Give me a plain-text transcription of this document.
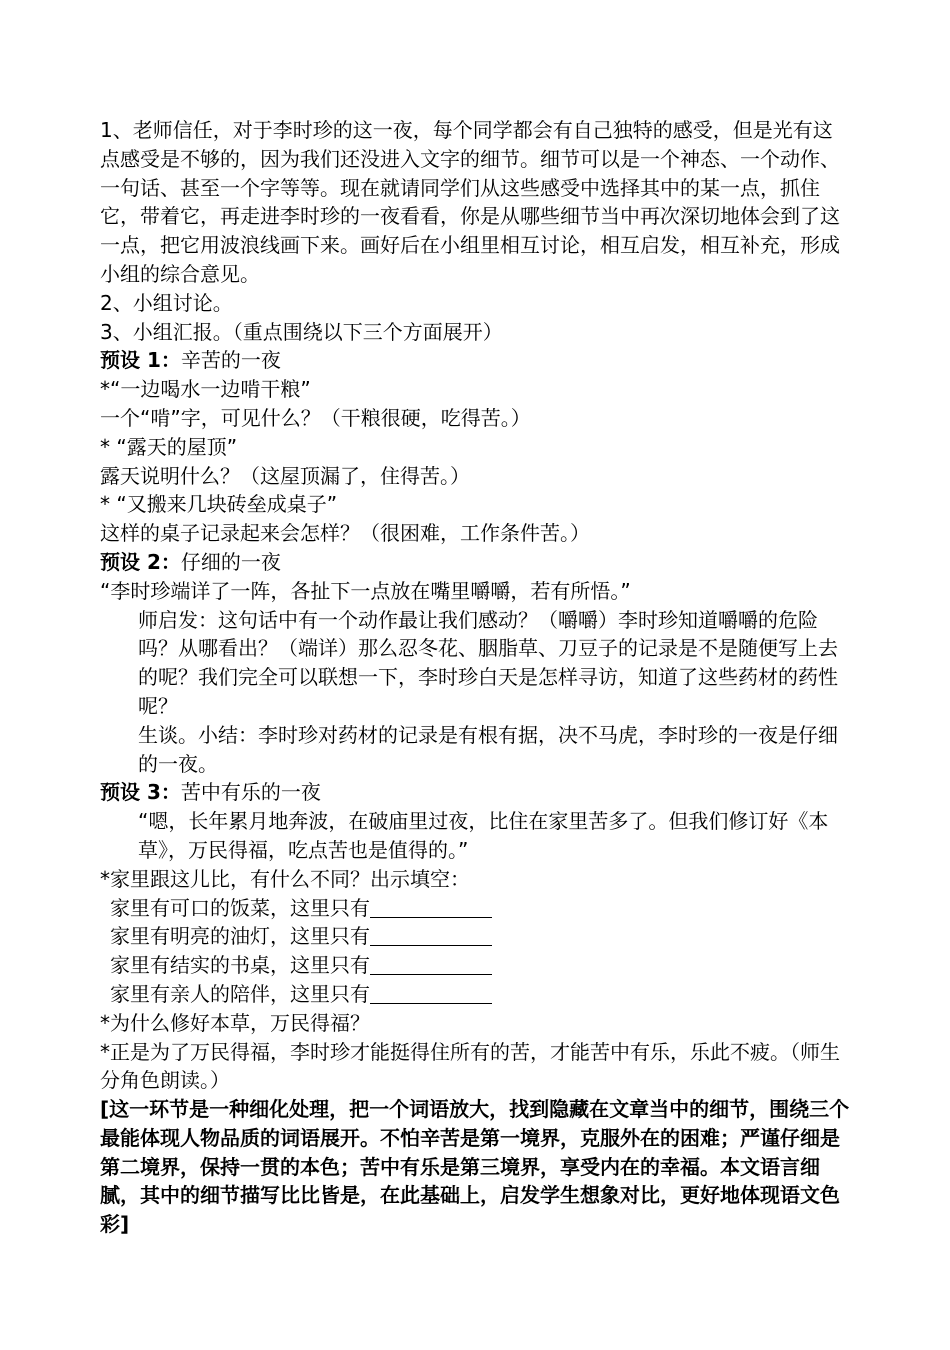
1、老师信任，对于李时珍的这一夜，每个同学都会有自己独特的感受，但是光有这点感受是不够的，因为我们还没进入文字的细节。细节可以是一个神态、一个动作、一句话、甚至一个字等等。现在就请同学们从这些感受中选择其中的某一点，抓住它，带着它，再走进李时珍的一夜看看，你是从哪些细节当中再次深切地体会到了这一点，把它用波浪线画下来。画好后在小组里相互讨论，相互启发，相互补充，形成小组的综合意见。

2、小组讨论。

3、小组汇报。（重点围绕以下三个方面展开）

预设 1：辛苦的一夜

*“一边喝水一边啃干粮”

一个“啃”字，可见什么？（干粮很硬，吃得苦。）

* “露天的屋顶”

露天说明什么？（这屋顶漏了，住得苦。）

* “又搬来几块砖垒成桌子”

这样的桌子记录起来会怎样？（很困难，工作条件苦。）

预设 2：仔细的一夜

“李时珍端详了一阵，各扯下一点放在嘴里嚼嚼，若有所悟。”

师启发：这句话中有一个动作最让我们感动？（嚼嚼）李时珍知道嚼嚼的危险吗？从哪看出？（端详）那么忍冬花、胭脂草、刀豆子的记录是不是随便写上去的呢？我们完全可以联想一下，李时珍白天是怎样寻访，知道了这些药材的药性呢？

生谈。小结：李时珍对药材的记录是有根有据，决不马虎，李时珍的一夜是仔细的一夜。

预设 3：苦中有乐的一夜

“嗯，长年累月地奔波，在破庙里过夜，比住在家里苦多了。但我们修订好《本草》，万民得福，吃点苦也是值得的。”

*家里跟这儿比，有什么不同？出示填空：

家里有可口的饭菜，这里只有

家里有明亮的油灯，这里只有

家里有结实的书桌，这里只有

家里有亲人的陪伴，这里只有

*为什么修好本草，万民得福？

*正是为了万民得福，李时珍才能挺得住所有的苦，才能苦中有乐，乐此不疲。（师生分角色朗读。）

[这一环节是一种细化处理，把一个词语放大，找到隐藏在文章当中的细节，围绕三个最能体现人物品质的词语展开。不怕辛苦是第一境界，克服外在的困难；严谨仔细是第二境界，保持一贯的本色；苦中有乐是第三境界，享受内在的幸福。本文语言细腻，其中的细节描写比比皆是，在此基础上，启发学生想象对比，更好地体现语文色彩]
